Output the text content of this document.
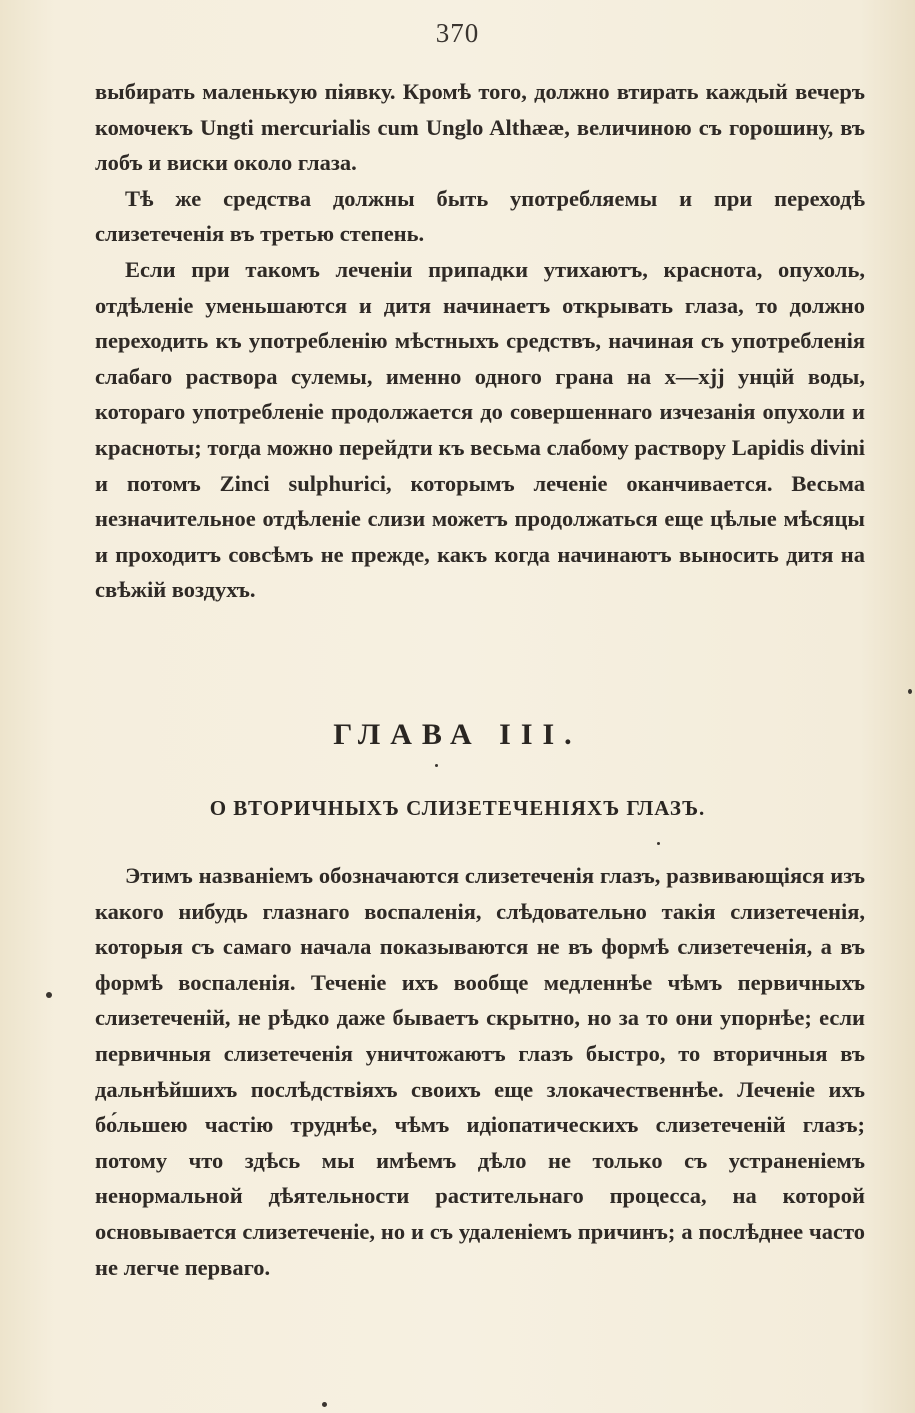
370

выбирать маленькую піявку. Кромѣ того, должно втирать каждый вечеръ комочекъ Ungti mercurialis cum Unglo Althææ, величиною съ горошину, въ лобъ и виски около глаза.

Тѣ же средства должны быть употребляемы и при переходѣ слизетеченія въ третью степень.

Если при такомъ леченіи припадки утихаютъ, краснота, опухоль, отдѣленіе уменьшаются и дитя начинаетъ открывать глаза, то должно переходить къ употребленію мѣстныхъ средствъ, начиная съ употребленія слабаго раствора сулемы, именно одного грана на x—xjj унцій воды, котораго употребленіе продолжается до совершеннаго изчезанія опухоли и красноты; тогда можно перейдти къ весьма слабому раствору Lapidis divini и потомъ Zinci sulphurici, которымъ леченіе оканчивается. Весьма незначительное отдѣленіе слизи можетъ продолжаться еще цѣлые мѣсяцы и проходитъ совсѣмъ не прежде, какъ когда начинаютъ выносить дитя на свѣжій воздухъ.

ГЛАВА III.
О ВТОРИЧНЫХЪ СЛИЗЕТЕЧЕНІЯХЪ ГЛАЗЪ.

Этимъ названіемъ обозначаются слизетеченія глазъ, развивающіяся изъ какого нибудь глазнаго воспаленія, слѣдовательно такія слизетеченія, которыя съ самаго начала показываются не въ формѣ слизетеченія, а въ формѣ воспаленія. Теченіе ихъ вообще медленнѣе чѣмъ первичныхъ слизетеченій, не рѣдко даже бываетъ скрытно, но за то они упорнѣе; если первичныя слизетеченія уничтожаютъ глазъ быстро, то вторичныя въ дальнѣйшихъ послѣдствіяхъ своихъ еще злокачественнѣе. Леченіе ихъ бо́льшею частію труднѣе, чѣмъ идіопатическихъ слизетеченій глазъ; потому что здѣсь мы имѣемъ дѣло не только съ устраненіемъ ненормальной дѣятельности растительнаго процесса, на которой основывается слизетеченіе, но и съ удаленіемъ причинъ; а послѣднее часто не легче перваго.
